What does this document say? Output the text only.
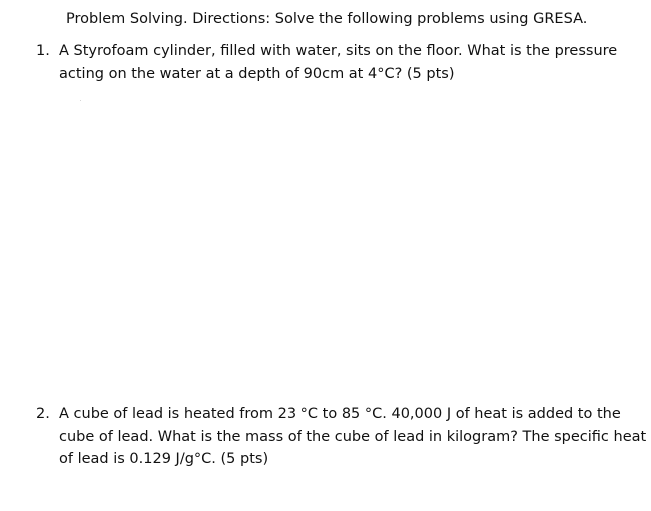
Problem Solving. Directions: Solve the following problems using GRESA.
1. A Styrofoam cylinder, filled with water, sits on the floor. What is the pressure
acting on the water at a depth of 90cm at 4°C? (5 pts)
2. A cube of lead is heated from 23 °C to 85 °C. 40,000 J of heat is added to the
cube of lead. What is the mass of the cube of lead in kilogram? The specific heat
of lead is 0.129 J/g°C. (5 pts)
